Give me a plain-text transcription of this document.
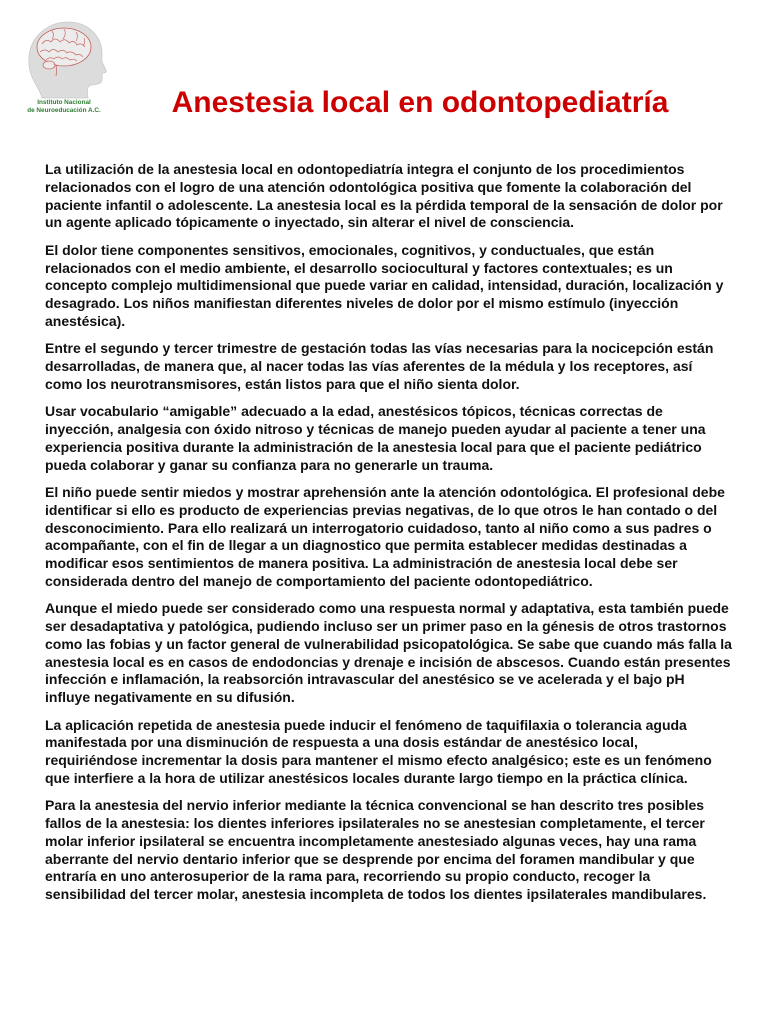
Instituto Nacional
de Neuroeducación A.C.	Anestesia local en odontopediatría

La utilización de la anestesia local en odontopediatría integra el conjunto de los procedimientos
relacionados con el logro de una atención odontológica positiva que fomente la colaboración del
paciente infantil o adolescente. La anestesia local es la pérdida temporal de la sensación de dolor por
un agente aplicado tópicamente o inyectado, sin alterar el nivel de consciencia.

El dolor tiene componentes sensitivos, emocionales, cognitivos, y conductuales, que están
relacionados con el medio ambiente, el desarrollo sociocultural y factores contextuales; es un
concepto complejo multidimensional que puede variar en calidad, intensidad, duración, localización y
desagrado. Los niños manifiestan diferentes niveles de dolor por el mismo estímulo (inyección
anestésica).

Entre el segundo y tercer trimestre de gestación todas las vías necesarias para la nocicepción están
desarrolladas, de manera que, al nacer todas las vías aferentes de la médula y los receptores, así
como los neurotransmisores, están listos para que el niño sienta dolor.

Usar vocabulario “amigable” adecuado a la edad, anestésicos tópicos, técnicas correctas de
inyección, analgesia con óxido nitroso y técnicas de manejo pueden ayudar al paciente a tener una
experiencia positiva durante la administración de la anestesia local para que el paciente pediátrico
pueda colaborar y ganar su confianza para no generarle un trauma.

El niño puede sentir miedos y mostrar aprehensión ante la atención odontológica. El profesional debe
identificar si ello es producto de experiencias previas negativas, de lo que otros le han contado o del
desconocimiento. Para ello realizará un interrogatorio cuidadoso, tanto al niño como a sus padres o
acompañante, con el fin de llegar a un diagnostico que permita establecer medidas destinadas a
modificar esos sentimientos de manera positiva. La administración de anestesia local debe ser
considerada dentro del manejo de comportamiento del paciente odontopediátrico.

Aunque el miedo puede ser considerado como una respuesta normal y adaptativa, esta también puede
ser desadaptativa y patológica, pudiendo incluso ser un primer paso en la génesis de otros trastornos
como las fobias y un factor general de vulnerabilidad psicopatológica. Se sabe que cuando más falla la
anestesia local es en casos de endodoncias y drenaje e incisión de abscesos. Cuando están presentes
infección e inflamación, la reabsorción intravascular del anestésico se ve acelerada y el bajo pH
influye negativamente en su difusión.

La aplicación repetida de anestesia puede inducir el fenómeno de taquifilaxia o tolerancia aguda
manifestada por una disminución de respuesta a una dosis estándar de anestésico local,
requiriéndose incrementar la dosis para mantener el mismo efecto analgésico; este es un fenómeno
que interfiere a la hora de utilizar anestésicos locales durante largo tiempo en la práctica clínica.

Para la anestesia del nervio inferior mediante la técnica convencional se han descrito tres posibles
fallos de la anestesia: los dientes inferiores ipsilaterales no se anestesian completamente, el tercer
molar inferior ipsilateral se encuentra incompletamente anestesiado algunas veces, hay una rama
aberrante del nervio dentario inferior que se desprende por encima del foramen mandibular y que
entraría en uno anterosuperior de la rama para, recorriendo su propio conducto, recoger la
sensibilidad del tercer molar, anestesia incompleta de todos los dientes ipsilaterales mandibulares.
